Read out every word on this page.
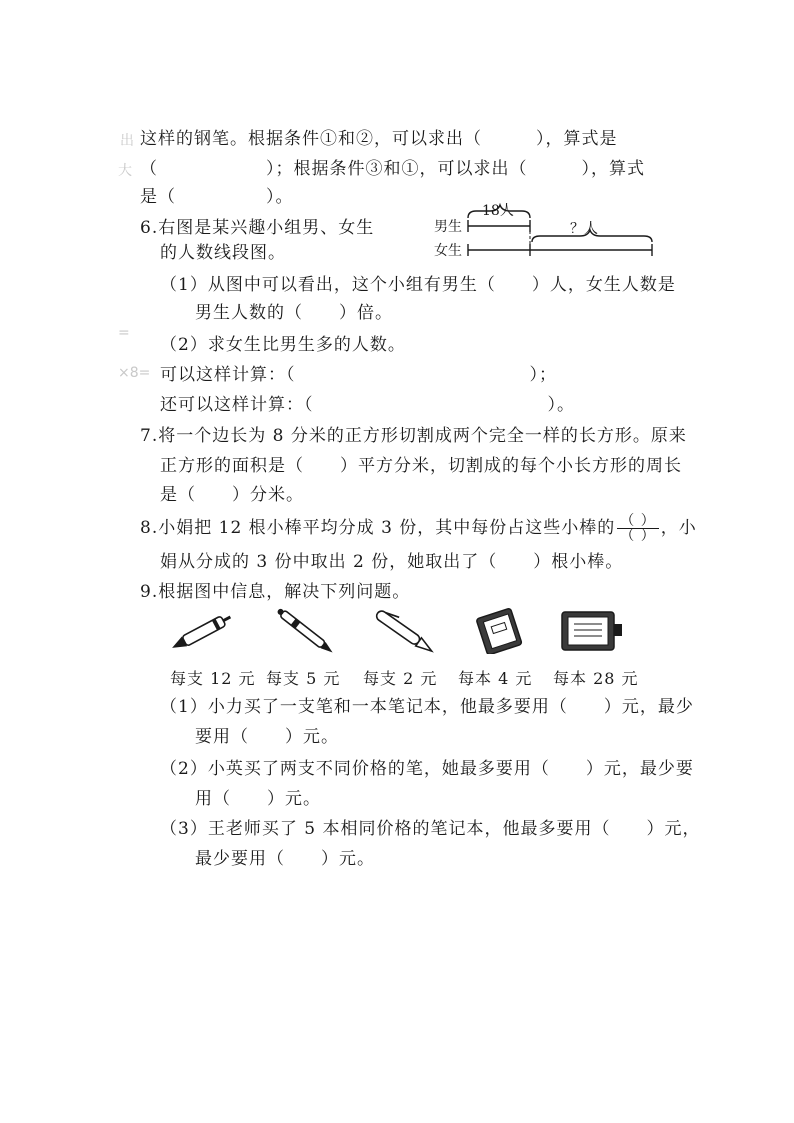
出
大
=
×8=
这样的钢笔。根据条件①和②，可以求出（　　　），算式是
（　　　　　　）；根据条件③和①，可以求出（　　　），算式
是（　　　　　）。
6.右图是某兴趣小组男、女生
的人数线段图。
男生
女生
18人
？人
（1）从图中可以看出，这个小组有男生（　　）人，女生人数是
男生人数的（　　）倍。
（2）求女生比男生多的人数。
可以这样计算：（　　　　　　　　　　　　　）；
还可以这样计算：（　　　　　　　　　　　　　）。
7.将一个边长为 8 分米的正方形切割成两个完全一样的长方形。原来
正方形的面积是（　　）平方分米，切割成的每个小长方形的周长
是（　　）分米。
8.小娟把 12 根小棒平均分成 3 份，其中每份占这些小棒的 $\frac{( )}{( )}$ ，小
娟从分成的 3 份中取出 2 份，她取出了（　　）根小棒。
9.根据图中信息，解决下列问题。
每支 12 元 每支 5 元 每支 2 元 每本 4 元 每本 28 元
（1）小力买了一支笔和一本笔记本，他最多要用（　　）元，最少
要用（　　）元。
（2）小英买了两支不同价格的笔，她最多要用（　　）元，最少要
用（　　）元。
（3）王老师买了 5 本相同价格的笔记本，他最多要用（　　）元，
最少要用（　　）元。
